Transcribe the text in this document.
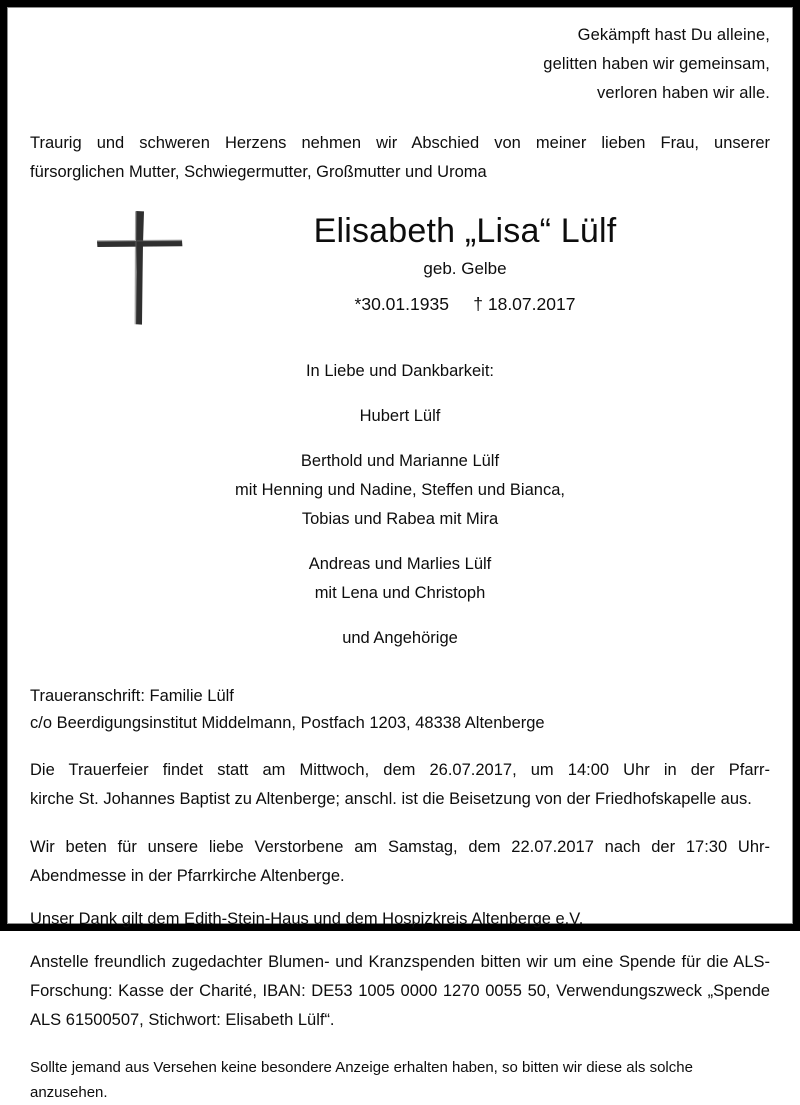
Gekämpft hast Du alleine,
gelitten haben wir gemeinsam,
verloren haben wir alle.
Traurig und schweren Herzens nehmen wir Abschied von meiner lieben Frau, unserer
fürsorglichen Mutter, Schwiegermutter, Großmutter und Uroma
Elisabeth „Lisa“ Lülf
geb. Gelbe
*30.01.1935     † 18.07.2017
In Liebe und Dankbarkeit:
Hubert Lülf
Berthold und Marianne Lülf
mit Henning und Nadine, Steffen und Bianca,
Tobias und Rabea mit Mira
Andreas und Marlies Lülf
mit Lena und Christoph
und Angehörige
Traueranschrift: Familie Lülf
c/o Beerdigungsinstitut Middelmann, Postfach 1203, 48338 Altenberge
Die Trauerfeier findet statt am Mittwoch, dem 26.07.2017, um 14:00 Uhr in der Pfarr-
kirche St. Johannes Baptist zu Altenberge; anschl. ist die Beisetzung von der Friedhofskapelle aus.
Wir beten für unsere liebe Verstorbene am Samstag, dem 22.07.2017 nach der 17:30 Uhr-
Abendmesse in der Pfarrkirche Altenberge.
Unser Dank gilt dem Edith-Stein-Haus und dem Hospizkreis Altenberge e.V.
Anstelle freundlich zugedachter Blumen- und Kranzspenden bitten wir um eine Spende für die ALS-
Forschung: Kasse der Charité, IBAN: DE53 1005 0000 1270 0055 50, Verwendungszweck „Spende
ALS 61500507, Stichwort: Elisabeth Lülf“.
Sollte jemand aus Versehen keine besondere Anzeige erhalten haben, so bitten wir diese als solche anzusehen.
